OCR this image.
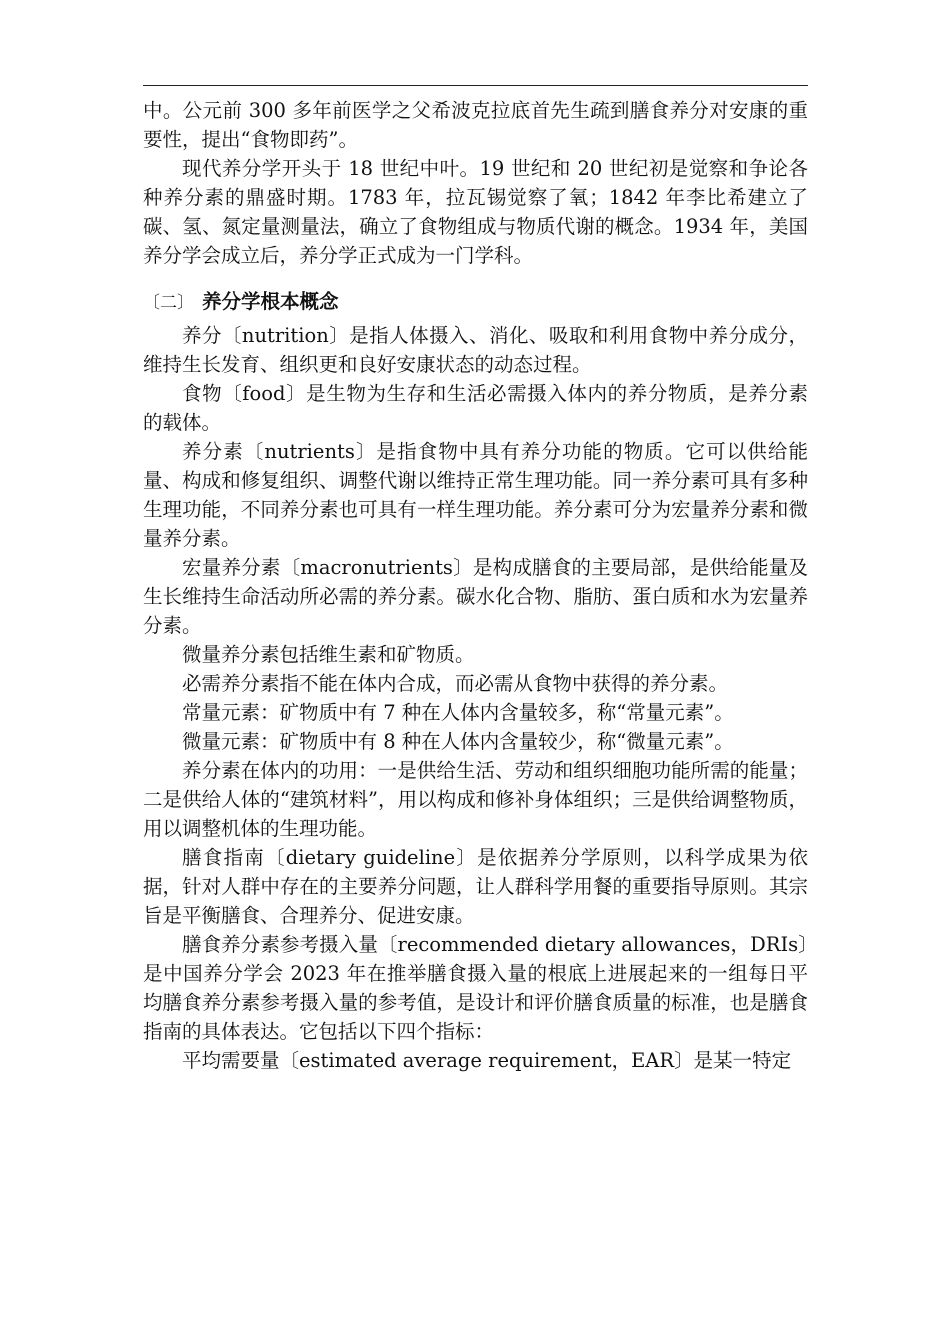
中。公元前 300 多年前医学之父希波克拉底首先生疏到膳食养分对安康的重要性，提出“食物即药”。

现代养分学开头于 18 世纪中叶。19 世纪和 20 世纪初是觉察和争论各种养分素的鼎盛时期。1783 年，拉瓦锡觉察了氧；1842 年李比希建立了碳、氢、氮定量测量法，确立了食物组成与物质代谢的概念。1934 年，美国养分学会成立后，养分学正式成为一门学科。

〔二〕 养分学根本概念

养分〔nutrition〕是指人体摄入、消化、吸取和利用食物中养分成分，维持生长发育、组织更和良好安康状态的动态过程。

食物〔food〕是生物为生存和生活必需摄入体内的养分物质，是养分素的载体。

养分素〔nutrients〕是指食物中具有养分功能的物质。它可以供给能量、构成和修复组织、调整代谢以维持正常生理功能。同一养分素可具有多种生理功能，不同养分素也可具有一样生理功能。养分素可分为宏量养分素和微量养分素。

宏量养分素〔macronutrients〕是构成膳食的主要局部，是供给能量及生长维持生命活动所必需的养分素。碳水化合物、脂肪、蛋白质和水为宏量养分素。

微量养分素包括维生素和矿物质。

必需养分素指不能在体内合成，而必需从食物中获得的养分素。

常量元素：矿物质中有 7 种在人体内含量较多，称“常量元素”。

微量元素：矿物质中有 8 种在人体内含量较少，称“微量元素”。

养分素在体内的功用：一是供给生活、劳动和组织细胞功能所需的能量；二是供给人体的“建筑材料”，用以构成和修补身体组织；三是供给调整物质，用以调整机体的生理功能。

膳食指南〔dietary guideline〕是依据养分学原则，以科学成果为依据，针对人群中存在的主要养分问题，让人群科学用餐的重要指导原则。其宗旨是平衡膳食、合理养分、促进安康。

膳食养分素参考摄入量〔recommended dietary allowances，DRIs〕是中国养分学会 2023 年在推举膳食摄入量的根底上进展起来的一组每日平均膳食养分素参考摄入量的参考值，是设计和评价膳食质量的标准，也是膳食指南的具体表达。它包括以下四个指标：

平均需要量〔estimated average requirement，EAR〕是某一特定
